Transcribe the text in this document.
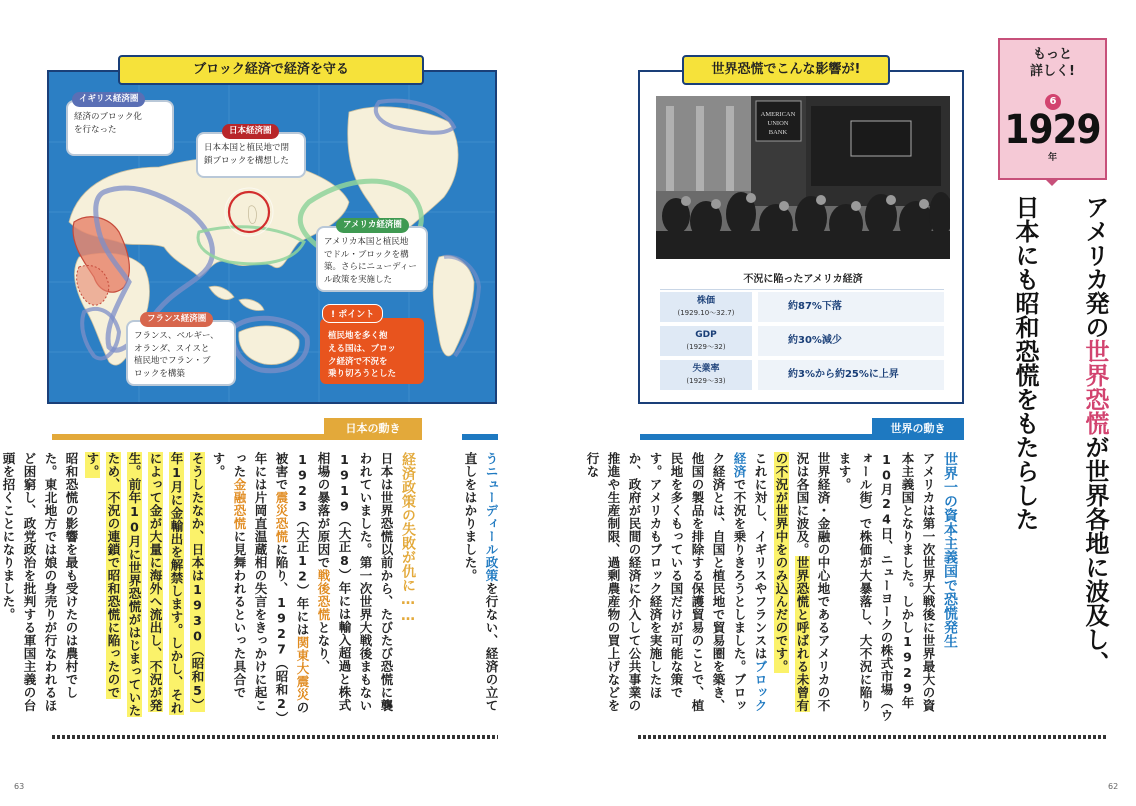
ブロック経済で経済を守る
イギリス経済圏
経済のブロック化
を行なった	日本経済圏
日本本国と植民地で閉
鎖ブロックを構想した
アメリカ経済圏
アメリカ本国と植民地
でドル・ブロックを構
築。さらにニューディー
ル政策を実施した
フランス経済圏
フランス、ベルギー、
オランダ、スイスと
植民地でフラン・ブ
ロックを構築
! ポイント
植民地を多く抱
える国は、ブロッ
ク経済で不況を
乗り切ろうとした
世界恐慌でこんな影響が!
AMERICAN
UNION
BANK
不況に陥ったアメリカ経済
株価
(1929.10〜32.7)
約87%下落
GDP
(1929〜32)
約30%減少
失業率
(1929〜33)
約3%から約25%に上昇
もっと
詳しく!
6
1929
年
アメリカ発の世界恐慌が世界各地に波及し、
日本にも昭和恐慌をもたらした
日本の動き	世界の動き
世界一の資本主義国で恐慌発生
アメリカは第一次世界大戦後に世界最大の資本主義国となりました。しかし1929年10月24日、ニューヨークの株式市場（ウォール街）で株価が大暴落し、大不況に陥ります。
世界経済・金融の中心地であるアメリカの不況は各国に波及。世界恐慌と呼ばれる未曾有の不況が世界中をのみ込んだのです。
これに対し、イギリスやフランスはブロック経済で不況を乗りきろうとしました。ブロック経済とは、自国と植民地で貿易圏を築き、他国の製品を排除する保護貿易のことで、植民地を多くもっている国だけが可能な策です。アメリカもブロック経済を実施したほか、政府が民間の経済に介入して公共事業の推進や生産制限、過剰農産物の買上げなどを行な
うニューディール政策を行ない、経済の立て直しをはかりました。
経済政策の失敗が仇に……
日本は世界恐慌以前から、たびたび恐慌に襲われていました。第一次世界大戦後まもない1919（大正8）年には輸入超過と株式相場の暴落が原因で戦後恐慌となり、1923（大正12）年には関東大震災の被害で震災恐慌に陥り、1927（昭和2）年には片岡直温蔵相の失言をきっかけに起こった金融恐慌に見舞われるといった具合です。
そうしたなか、日本は1930（昭和5）年1月に金輸出を解禁します。しかし、それによって金が大量に海外へ流出し、不況が発生。前年10月に世界恐慌がはじまっていたため、不況の連鎖で昭和恐慌に陥ったのです。
昭和恐慌の影響を最も受けたのは農村でした。東北地方では娘の身売りが行なわれるほど困窮し、政党政治を批判する軍国主義の台頭を招くことになりました。
63	62
